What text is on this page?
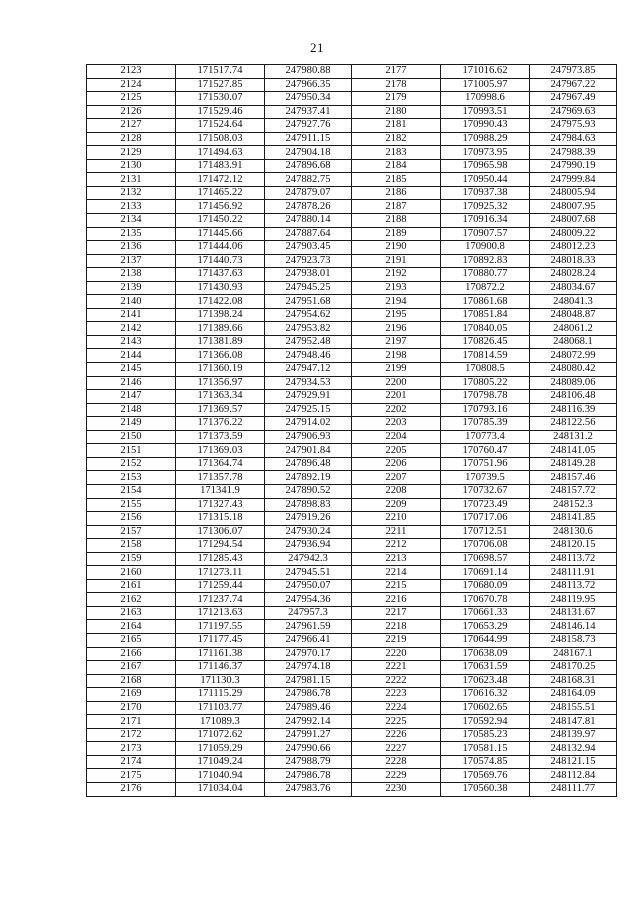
21
2123	171517.74	247980.88	2177	171016.62	247973.85
2124	171527.85	247966.35	2178	171005.97	247967.22
2125	171530.07	247950.34	2179	170998.6	247967.49
2126	171529.46	247937.41	2180	170993.51	247969.63
2127	171524.64	247927.76	2181	170990.43	247975.93
2128	171508.03	247911.15	2182	170988.29	247984.63
2129	171494.63	247904.18	2183	170973.95	247988.39
2130	171483.91	247896.68	2184	170965.98	247990.19
2131	171472.12	247882.75	2185	170950.44	247999.84
2132	171465.22	247879.07	2186	170937.38	248005.94
2133	171456.92	247878.26	2187	170925.32	248007.95
2134	171450.22	247880.14	2188	170916.34	248007.68
2135	171445.66	247887.64	2189	170907.57	248009.22
2136	171444.06	247903.45	2190	170900.8	248012.23
2137	171440.73	247923.73	2191	170892.83	248018.33
2138	171437.63	247938.01	2192	170880.77	248028.24
2139	171430.93	247945.25	2193	170872.2	248034.67
2140	171422.08	247951.68	2194	170861.68	248041.3
2141	171398.24	247954.62	2195	170851.84	248048.87
2142	171389.66	247953.82	2196	170840.05	248061.2
2143	171381.89	247952.48	2197	170826.45	248068.1
2144	171366.08	247948.46	2198	170814.59	248072.99
2145	171360.19	247947.12	2199	170808.5	248080.42
2146	171356.97	247934.53	2200	170805.22	248089.06
2147	171363.34	247929.91	2201	170798.78	248106.48
2148	171369.57	247925.15	2202	170793.16	248116.39
2149	171376.22	247914.02	2203	170785.39	248122.56
2150	171373.59	247906.93	2204	170773.4	248131.2
2151	171369.03	247901.84	2205	170760.47	248141.05
2152	171364.74	247896.48	2206	170751.96	248149.28
2153	171357.78	247892.19	2207	170739.5	248157.46
2154	171341.9	247890.52	2208	170732.67	248157.72
2155	171327.43	247898.83	2209	170723.49	248152.3
2156	171315.18	247919.26	2210	170717.06	248141.85
2157	171306.07	247930.24	2211	170712.51	248130.6
2158	171294.54	247936.94	2212	170706.08	248120.15
2159	171285.43	247942.3	2213	170698.57	248113.72
2160	171273.11	247945.51	2214	170691.14	248111.91
2161	171259.44	247950.07	2215	170680.09	248113.72
2162	171237.74	247954.36	2216	170670.78	248119.95
2163	171213.63	247957.3	2217	170661.33	248131.67
2164	171197.55	247961.59	2218	170653.29	248146.14
2165	171177.45	247966.41	2219	170644.99	248158.73
2166	171161.38	247970.17	2220	170638.09	248167.1
2167	171146.37	247974.18	2221	170631.59	248170.25
2168	171130.3	247981.15	2222	170623.48	248168.31
2169	171115.29	247986.78	2223	170616.32	248164.09
2170	171103.77	247989.46	2224	170602.65	248155.51
2171	171089.3	247992.14	2225	170592.94	248147.81
2172	171072.62	247991.27	2226	170585.23	248139.97
2173	171059.29	247990.66	2227	170581.15	248132.94
2174	171049.24	247988.79	2228	170574.85	248121.15
2175	171040.94	247986.78	2229	170569.76	248112.84
2176	171034.04	247983.76	2230	170560.38	248111.77
